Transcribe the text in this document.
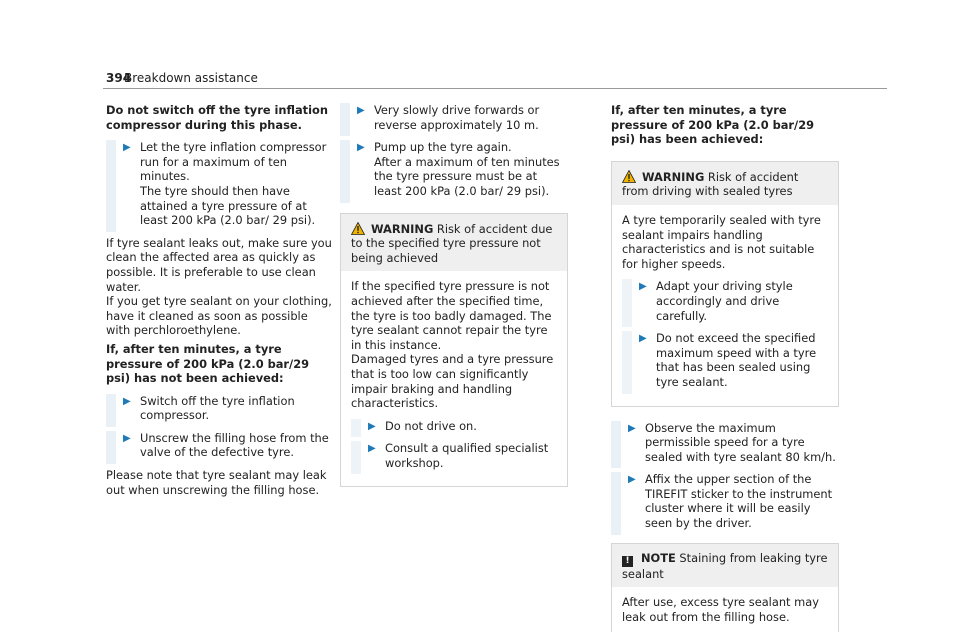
394
Breakdown assistance

Do not switch off the tyre inflation compressor during this phase.

▶ Let the tyre inflation compressor run for a maximum of ten minutes.
The tyre should then have attained a tyre pressure of at least 200 kPa (2.0 bar/ 29 psi).

If tyre sealant leaks out, make sure you clean the affected area as quickly as possible. It is preferable to use clean water.

If you get tyre sealant on your clothing, have it cleaned as soon as possible with perchloroethylene.

If, after ten minutes, a tyre pressure of 200 kPa (2.0 bar/29 psi) has not been achieved:

▶ Switch off the tyre inflation compressor.

▶ Unscrew the filling hose from the valve of the defective tyre.

Please note that tyre sealant may leak out when unscrewing the filling hose.

▶ Very slowly drive forwards or reverse approximately 10 m.

▶ Pump up the tyre again.
After a maximum of ten minutes the tyre pressure must be at least 200 kPa (2.0 bar/ 29 psi).

WARNING Risk of accident due to the specified tyre pressure not being achieved

If the specified tyre pressure is not achieved after the specified time, the tyre is too badly damaged. The tyre sealant cannot repair the tyre in this instance.

Damaged tyres and a tyre pressure that is too low can significantly impair braking and handling characteristics.

▶ Do not drive on.

▶ Consult a qualified specialist workshop.

If, after ten minutes, a tyre pressure of 200 kPa (2.0 bar/29 psi) has been achieved:

WARNING Risk of accident from driving with sealed tyres

A tyre temporarily sealed with tyre sealant impairs handling characteristics and is not suitable for higher speeds.

▶ Adapt your driving style accordingly and drive carefully.

▶ Do not exceed the specified maximum speed with a tyre that has been sealed using tyre sealant.

▶ Observe the maximum permissible speed for a tyre sealed with tyre sealant 80 km/h.

▶ Affix the upper section of the TIREFIT sticker to the instrument cluster where it will be easily seen by the driver.

! NOTE Staining from leaking tyre sealant

After use, excess tyre sealant may leak out from the filling hose.
